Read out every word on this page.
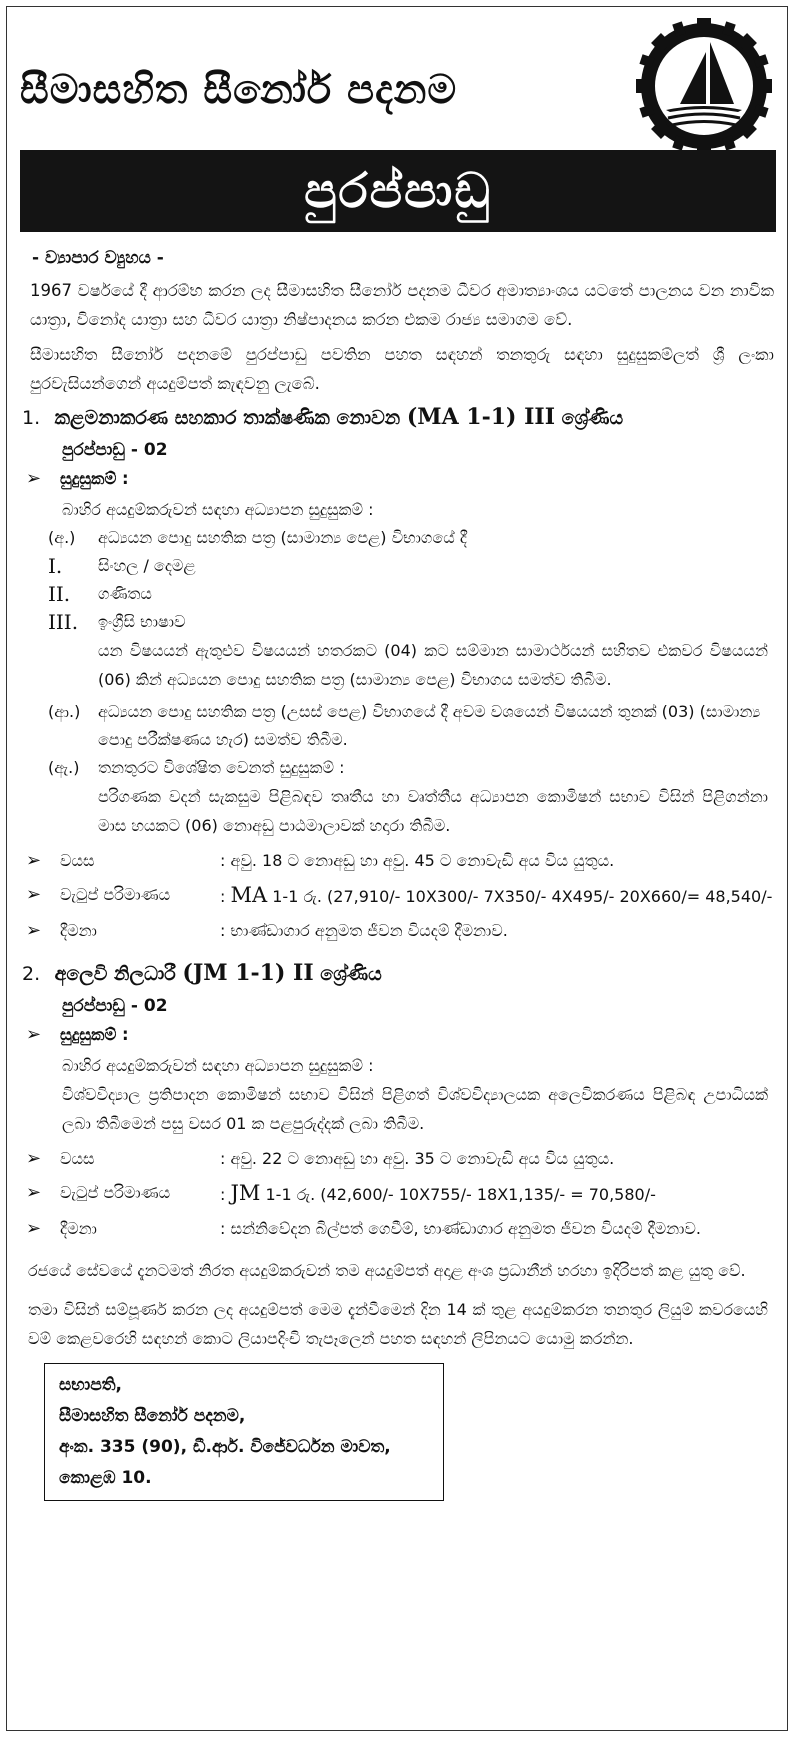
සීමාසහිත සීනෝර් පදනම
පුරප්පාඩු
- ව්‍යාපාර ව්‍යුහය -

1967 වර්ෂයේ දී ආරම්භ කරන ලද සීමාසහිත සීනෝර් පදනම ධීවර අමාත්‍යාංශය යටතේ පාලනය වන නාවික යාත්‍රා, විනෝද යාත්‍රා සහ ධීවර යාත්‍රා නිෂ්පාදනය කරන එකම රාජ්‍ය සමාගම වේ.

සීමාසහිත සීනෝර් පදනමේ පුරප්පාඩු පවතින පහත සඳහන් තනතුරු සඳහා සුදුසුකම්ලත් ශ්‍රී ලංකා පුරවැසියන්ගෙන් අයදුම්පත් කැඳවනු ලැබේ.

1. කළමනාකරණ සහකාර තාක්ෂණික නොවන (MA 1-1) III ශ්‍රේණිය
පුරප්පාඩු - 02
➢	සුදුසුකම් :
බාහිර අයදුම්කරුවන් සඳහා අධ්‍යාපන සුදුසුකම් :
(අ.)	අධ්‍යයන පොදු සහතික පත්‍ර (සාමාන්‍ය පෙළ) විභාගයේ දී
I.	සිංහල / දෙමළ
II.	ගණිතය
III.	ඉංග්‍රීසි භාෂාව
යන විෂයයන් ඇතුළුව විෂයයන් හතරකට (04) කට සම්මාන සාමාර්ථයන් සහිතව එකවර විෂයයන් (06) කින් අධ්‍යයන පොදු සහතික පත්‍ර (සාමාන්‍ය පෙළ) විභාගය සමත්ව තිබීම.
(ආ.)	අධ්‍යයන පොදු සහතික පත්‍ර (උසස් පෙළ) විභාගයේ දී අවම වශයෙන් විෂයයන් තුනක් (03) (සාමාන්‍ය පොදු පරීක්ෂණය හැර) සමත්ව තිබීම.
(ඇ.)	තනතුරට විශේෂිත වෙනත් සුදුසුකම් :
පරිගණක වදන් සැකසුම පිළිබඳව තෘතීය හා වෘත්තීය අධ්‍යාපන කොමිෂන් සභාව විසින් පිළිගන්නා මාස හයකට (06) නොඅඩු පාඨමාලාවක් හදාරා තිබීම.
➢	වයස	: අවු. 18 ට නොඅඩු හා අවු. 45 ට නොවැඩි අය විය යුතුය.
➢	වැටුප් පරිමාණය	: MA 1-1 රු. (27,910/- 10X300/- 7X350/- 4X495/- 20X660/= 48,540/-
➢	දීමනා	: භාණ්ඩාගාර අනුමත ජීවන වියදම් දීමනාව.
2. අලෙවි නිලධාරී (JM 1-1) II ශ්‍රේණිය
පුරප්පාඩු - 02
➢	සුදුසුකම් :
බාහිර අයදුම්කරුවන් සඳහා අධ්‍යාපන සුදුසුකම් :
විශ්වවිද්‍යාල ප්‍රතිපාදන කොමිෂන් සභාව විසින් පිළිගත් විශ්වවිද්‍යාලයක අලෙවිකරණය පිළිබඳ උපාධියක් ලබා තිබීමෙන් පසු වසර 01 ක පළපුරුද්දක් ලබා තිබීම.
➢	වයස	: අවු. 22 ට නොඅඩු හා අවු. 35 ට නොවැඩි අය විය යුතුය.
➢	වැටුප් පරිමාණය	: JM 1-1 රු. (42,600/- 10X755/- 18X1,135/- = 70,580/-
➢	දීමනා	: සන්නිවේදන බිල්පත් ගෙවීම්, භාණ්ඩාගාර අනුමත ජීවන වියදම් දීමනාව.

රජයේ සේවයේ දැනටමත් නිරත අයදුම්කරුවන් තම අයදුම්පත් අදාළ අංශ ප්‍රධානීන් හරහා ඉදිරිපත් කළ යුතු වේ.

තමා විසින් සම්පූර්ණ කරන ලද අයදුම්පත් මෙම දැන්වීමෙන් දින 14 ක් තුළ අයදුම්කරන තනතුර ලියුම් කවරයෙහි වම් කෙළවරෙහි සඳහන් කොට ලියාපදිංචි තැපෑලෙන් පහත සඳහන් ලිපිනයට යොමු කරන්න.

සභාපති,
සීමාසහිත සීනෝර් පදනම,
අංක. 335 (90), ඩී.ආර්. විජේවර්ධන මාවත,
කොළඹ 10.
